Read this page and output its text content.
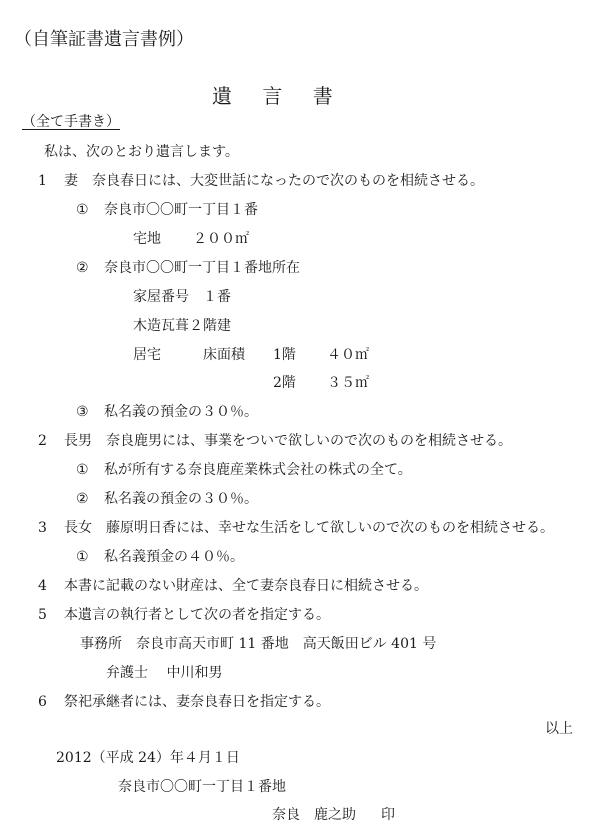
（自筆証書遺言書例）
遺 言 書
（全て手書き）
私は、次のとおり遺言します。
1 妻 奈良春日には、大変世話になったので次のものを相続させる。
① 奈良市〇〇町一丁目１番
宅地 ２００㎡
② 奈良市〇〇町一丁目１番地所在
家屋番号　１番
木造瓦葺２階建
居宅	床面積 1階 ４０㎡
2階 ３５㎡
③ 私名義の預金の３０％。
2 長男 奈良鹿男には、事業をついで欲しいので次のものを相続させる。
① 私が所有する奈良鹿産業株式会社の株式の全て。
② 私名義の預金の３０％。
3 長女 藤原明日香には、幸せな生活をして欲しいので次のものを相続させる。
① 私名義預金の４０％。
4 本書に記載のない財産は、全て妻奈良春日に相続させる。
5 本遺言の執行者として次の者を指定する。
事務所　奈良市高天市町 11 番地　高天飯田ビル 401 号
弁護士　 中川和男
6 祭祀承継者には、妻奈良春日を指定する。
以上
2012（平成 24）年４月１日
奈良市〇〇町一丁目１番地
奈良　鹿之助 印
